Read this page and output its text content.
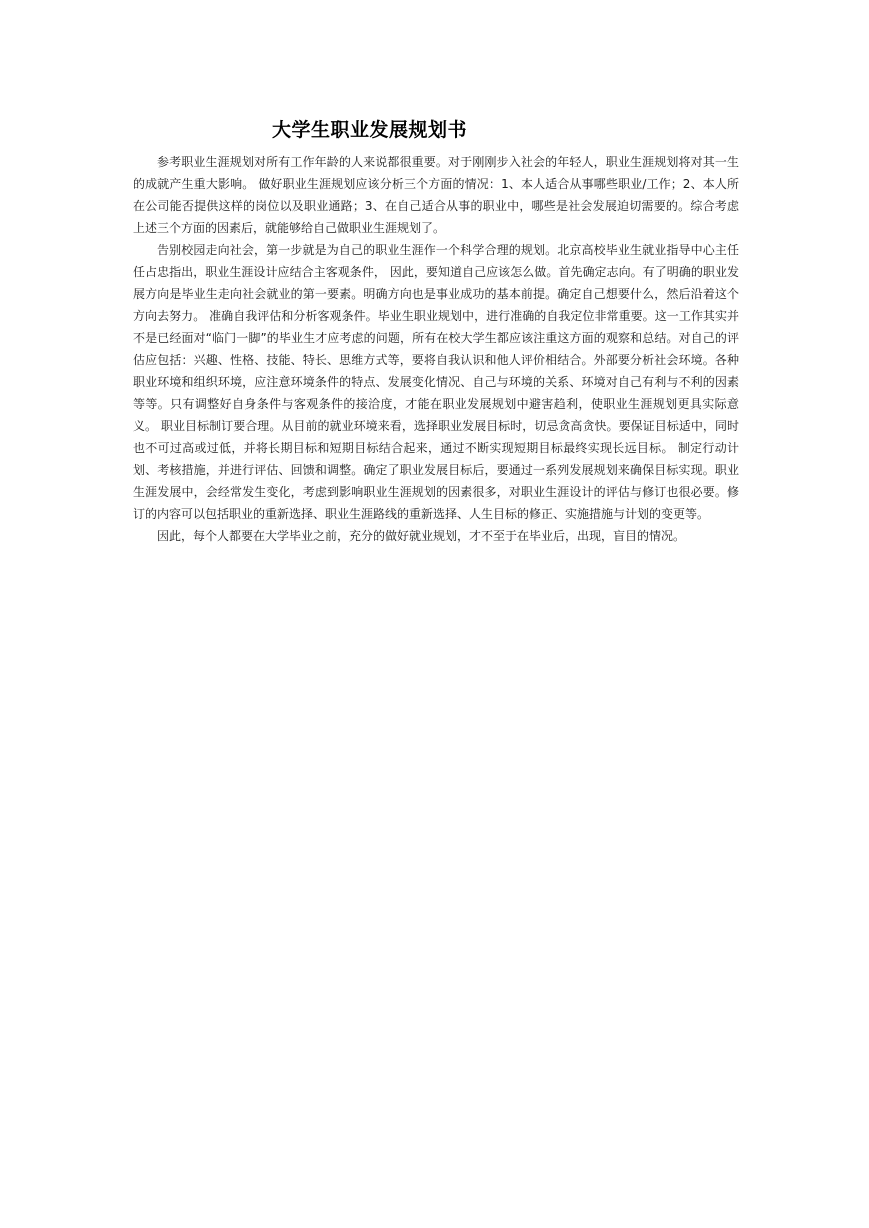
大学生职业发展规划书

参考职业生涯规划对所有工作年龄的人来说都很重要。对于刚刚步入社会的年轻人，职业生涯规划将对其一生的成就产生重大影响。 做好职业生涯规划应该分析三个方面的情况：1、本人适合从事哪些职业/工作；2、本人所在公司能否提供这样的岗位以及职业通路；3、在自己适合从事的职业中，哪些是社会发展迫切需要的。综合考虑上述三个方面的因素后，就能够给自己做职业生涯规划了。

告别校园走向社会，第一步就是为自己的职业生涯作一个科学合理的规划。北京高校毕业生就业指导中心主任任占忠指出，职业生涯设计应结合主客观条件， 因此，要知道自己应该怎么做。首先确定志向。有了明确的职业发展方向是毕业生走向社会就业的第一要素。明确方向也是事业成功的基本前提。确定自己想要什么，然后沿着这个方向去努力。 准确自我评估和分析客观条件。毕业生职业规划中，进行准确的自我定位非常重要。这一工作其实并不是已经面对“临门一脚”的毕业生才应考虑的问题，所有在校大学生都应该注重这方面的观察和总结。对自己的评估应包括：兴趣、性格、技能、特长、思维方式等，要将自我认识和他人评价相结合。外部要分析社会环境。各种职业环境和组织环境，应注意环境条件的特点、发展变化情况、自己与环境的关系、环境对自己有利与不利的因素等等。只有调整好自身条件与客观条件的接洽度，才能在职业发展规划中避害趋利，使职业生涯规划更具实际意义。 职业目标制订要合理。从目前的就业环境来看，选择职业发展目标时，切忌贪高贪快。要保证目标适中，同时也不可过高或过低，并将长期目标和短期目标结合起来，通过不断实现短期目标最终实现长远目标。 制定行动计划、考核措施，并进行评估、回馈和调整。确定了职业发展目标后，要通过一系列发展规划来确保目标实现。职业生涯发展中，会经常发生变化，考虑到影响职业生涯规划的因素很多，对职业生涯设计的评估与修订也很必要。修订的内容可以包括职业的重新选择、职业生涯路线的重新选择、人生目标的修正、实施措施与计划的变更等。

因此，每个人都要在大学毕业之前，充分的做好就业规划，才不至于在毕业后，出现，盲目的情况。
